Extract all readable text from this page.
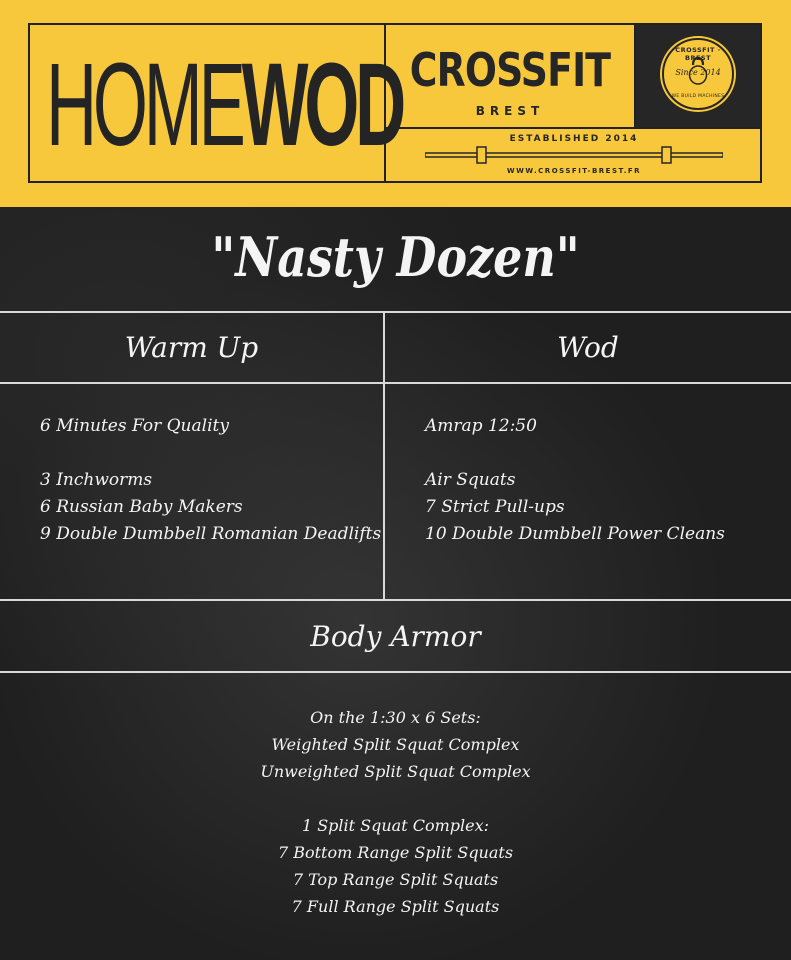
HOMEWOD CROSSFIT
BREST
CROSSFIT · BREST
Since 2014
WE BUILD MACHINES
ESTABLISHED 2014
WWW.CROSSFIT-BREST.FR
"Nasty Dozen"
Warm Up	Wod
6 Minutes For Quality
3 Inchworms
6 Russian Baby Makers
9 Double Dumbbell Romanian Deadlifts
Amrap 12:50
Air Squats
7 Strict Pull-ups
10 Double Dumbbell Power Cleans
Body Armor
On the 1:30 x 6 Sets:
Weighted Split Squat Complex
Unweighted Split Squat Complex
1 Split Squat Complex:
7 Bottom Range Split Squats
7 Top Range Split Squats
7 Full Range Split Squats
